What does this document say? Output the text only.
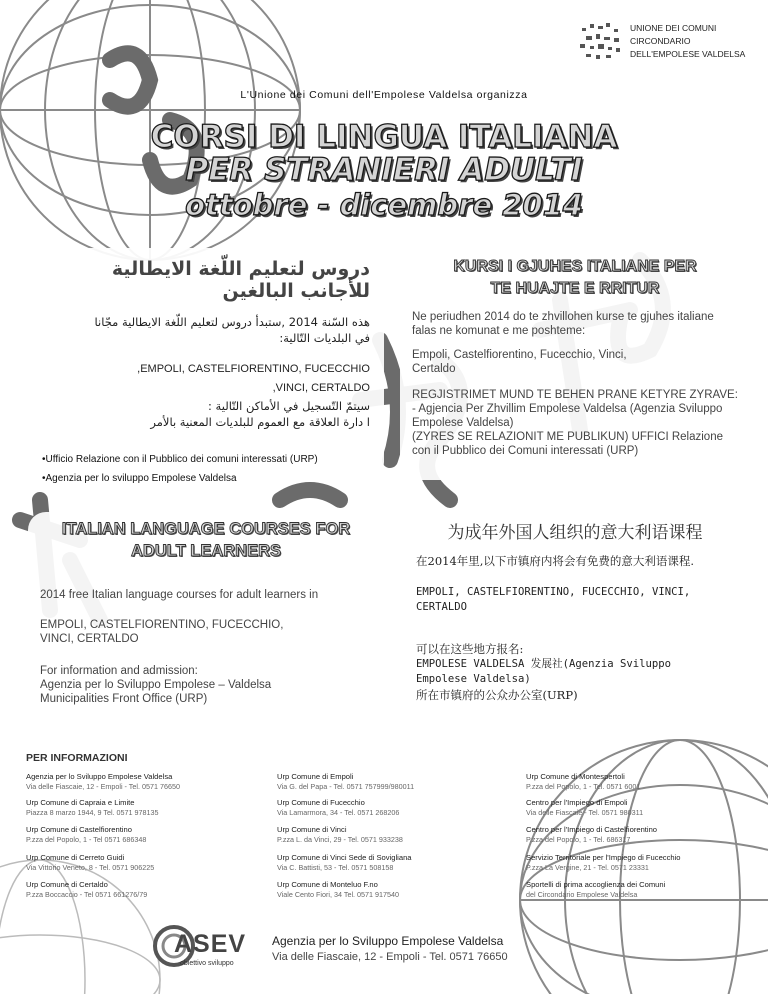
UNIONE DEI COMUNI
CIRCONDARIO
DELL'EMPOLESE VALDELSA
L'Unione dei Comuni dell'Empolese Valdelsa organizza
CORSI DI LINGUA ITALIANA
PER STRANIERI ADULTI
ottobre - dicembre 2014
دروس لتعليم اللّغة الايطالية للأجانب البالغين
هذه السّنة 2014 ,ستبدأ دروس لتعليم اللّغة الايطالية مجّانا
في البلديات التّالية:
EMPOLI, CASTELFIORENTINO, FUCECCHIO,
VINCI, CERTALDO,
سيتمّ التّسجيل في الأماكن التّالية :
ا دارة العلاقة مع العموم للبلديات المعنية بالأمر
•Ufficio Relazione con il Pubblico dei comuni interessati (URP)
•Agenzia per lo sviluppo Empolese Valdelsa
KURSI I GJUHES ITALIANE PER
TE HUAJTE E RRITUR
Ne periudhen 2014 do te zhvillohen kurse te gjuhes italiane falas ne komunat e me poshteme:
Empoli, Castelfiorentino, Fucecchio, Vinci, Certaldo
REGJISTRIMET MUND TE BEHEN PRANE KETYRE ZYRAVE:
- Agjencia Per Zhvillim Empolese Valdelsa (Agenzia Sviluppo Empolese Valdelsa)
(ZYRES SE RELAZIONIT ME PUBLIKUN) UFFICI Relazione con il Pubblico dei Comuni interessati (URP)
ITALIAN LANGUAGE COURSES FOR
ADULT LEARNERS
2014 free Italian language courses for adult learners in
EMPOLI, CASTELFIORENTINO, FUCECCHIO, VINCI, CERTALDO
For information and admission:
Agenzia per lo Sviluppo Empolese – Valdelsa
Municipalities Front Office (URP)
为成年外国人组织的意大利语课程
在2014年里,以下市镇府内将会有免费的意大利语课程.
EMPOLI, CASTELFIORENTINO, FUCECCHIO, VINCI, CERTALDO
可以在这些地方报名:
EMPOLESE VALDELSA 发展社(Agenzia Sviluppo Empolese Valdelsa)
所在市镇府的公众办公室(URP)
PER INFORMAZIONI
Agenzia per lo Sviluppo Empolese Valdelsa
Via delle Fiascaie, 12 - Empoli - Tel. 0571 76650
Urp Comune di Capraia e Limite
Piazza 8 marzo 1944, 9 Tel. 0571 978135
Urp Comune di Castelfiorentino
P.zza del Popolo, 1 - Tel 0571 686348
Urp Comune di Cerreto Guidi
Via Vittorio Veneto, 8 - Tel. 0571 906225
Urp Comune di Certaldo
P.zza Boccaccio - Tel 0571 661276/79
Urp Comune di Empoli
Via G. del Papa - Tel. 0571 757999/980011
Urp Comune di Fucecchio
Via Lamarmora, 34 - Tel. 0571 268206
Urp Comune di Vinci
P.zza L. da Vinci, 29 - Tel. 0571 933238
Urp Comune di Vinci Sede di Sovigliana
Via C. Battisti, 53 - Tel. 0571 508158
Urp Comune di Monteluo F.no
Viale Cento Fiori, 34 Tel. 0571 917540
Urp Comune di Montespertoli
P.zza del Popolo, 1 - Tel. 0571 6001
Centro per l'Impiego di Empoli
Via delle Fiascaie - Tel. 0571 980311
Centro per l'Impiego di Castelfiorentino
P.zza del Popolo, 1 - Tel. 686317
Servizio Territoriale per l'Impiego di Fucecchio
P.zza La Vergine, 21 - Tel. 0571 23331
Sportelli di prima accoglienza dei Comuni
del Circondario Empolese Valdelsa
ASEV
obiettivo sviluppo
Agenzia per lo Sviluppo Empolese Valdelsa
Via delle Fiascaie, 12 - Empoli - Tel. 0571 76650
